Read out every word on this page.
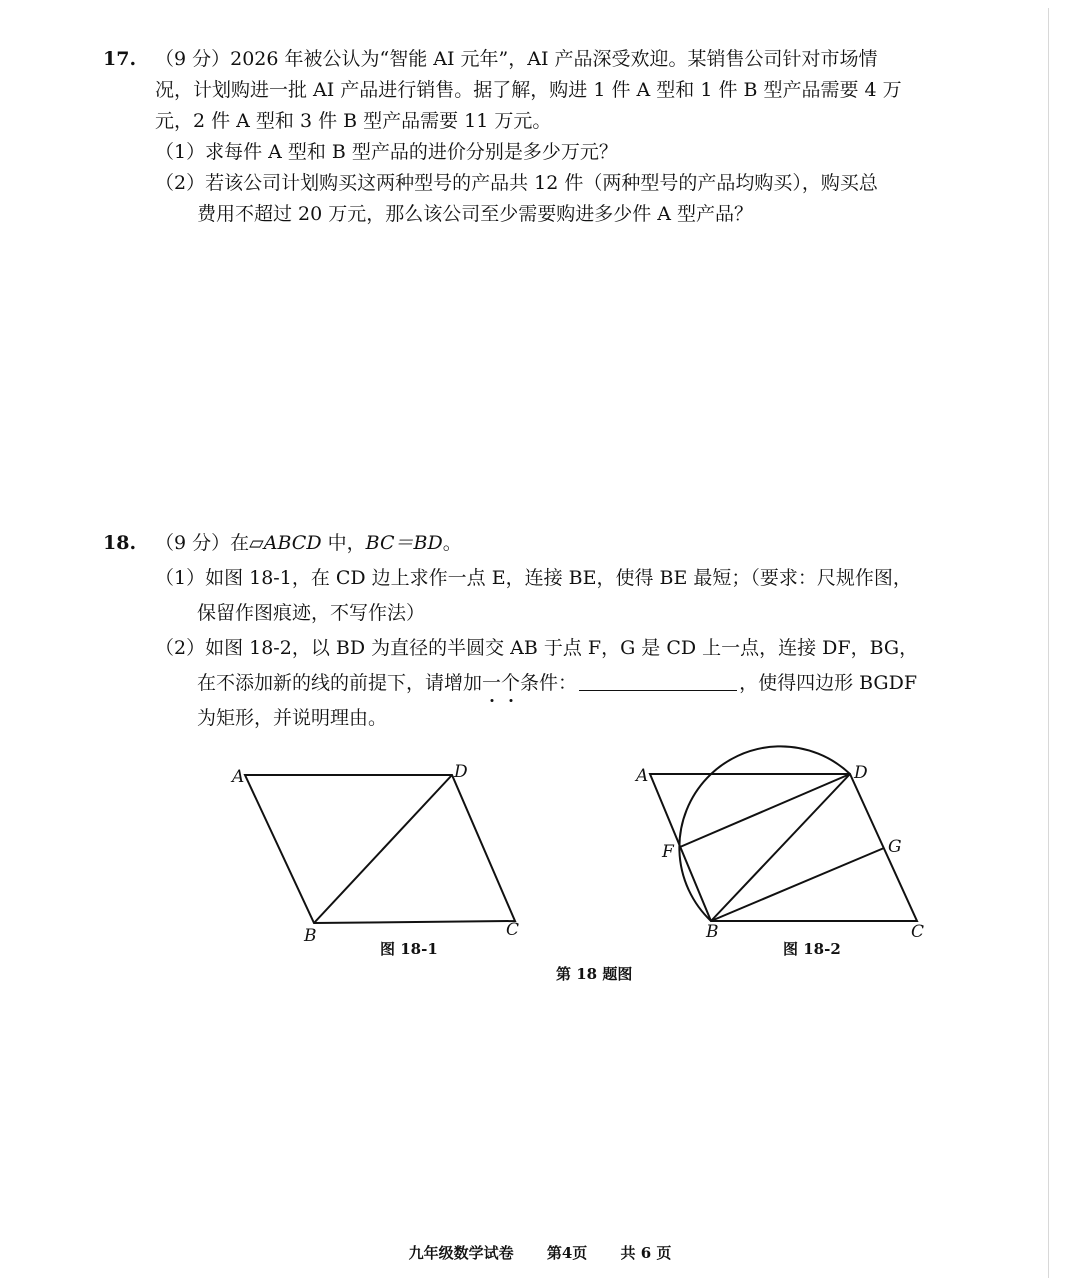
17. （9 分）2026 年被公认为“智能 AI 元年”，AI 产品深受欢迎。某销售公司针对市场情
况，计划购进一批 AI 产品进行销售。据了解，购进 1 件 A 型和 1 件 B 型产品需要 4 万
元，2 件 A 型和 3 件 B 型产品需要 11 万元。
（1）求每件 A 型和 B 型产品的进价分别是多少万元？
（2）若该公司计划购买这两种型号的产品共 12 件（两种型号的产品均购买），购买总
费用不超过 20 万元，那么该公司至少需要购进多少件 A 型产品？
18. （9 分）在▱ABCD 中，BC＝BD。
（1）如图 18-1，在 CD 边上求作一点 E，连接 BE，使得 BE 最短；（要求：尺规作图，
保留作图痕迹，不写作法）
（2）如图 18-2，以 BD 为直径的半圆交 AB 于点 F，G 是 CD 上一点，连接 DF，BG，
在不添加新的线的前提下，请增加一个条件：	，使得四边形 BGDF
为矩形，并说明理由。
A	D
B	C
A	D
F	G
B	C
图 18-1	图 18-2
第 18 题图
九年级数学试卷 第4页 共 6 页
